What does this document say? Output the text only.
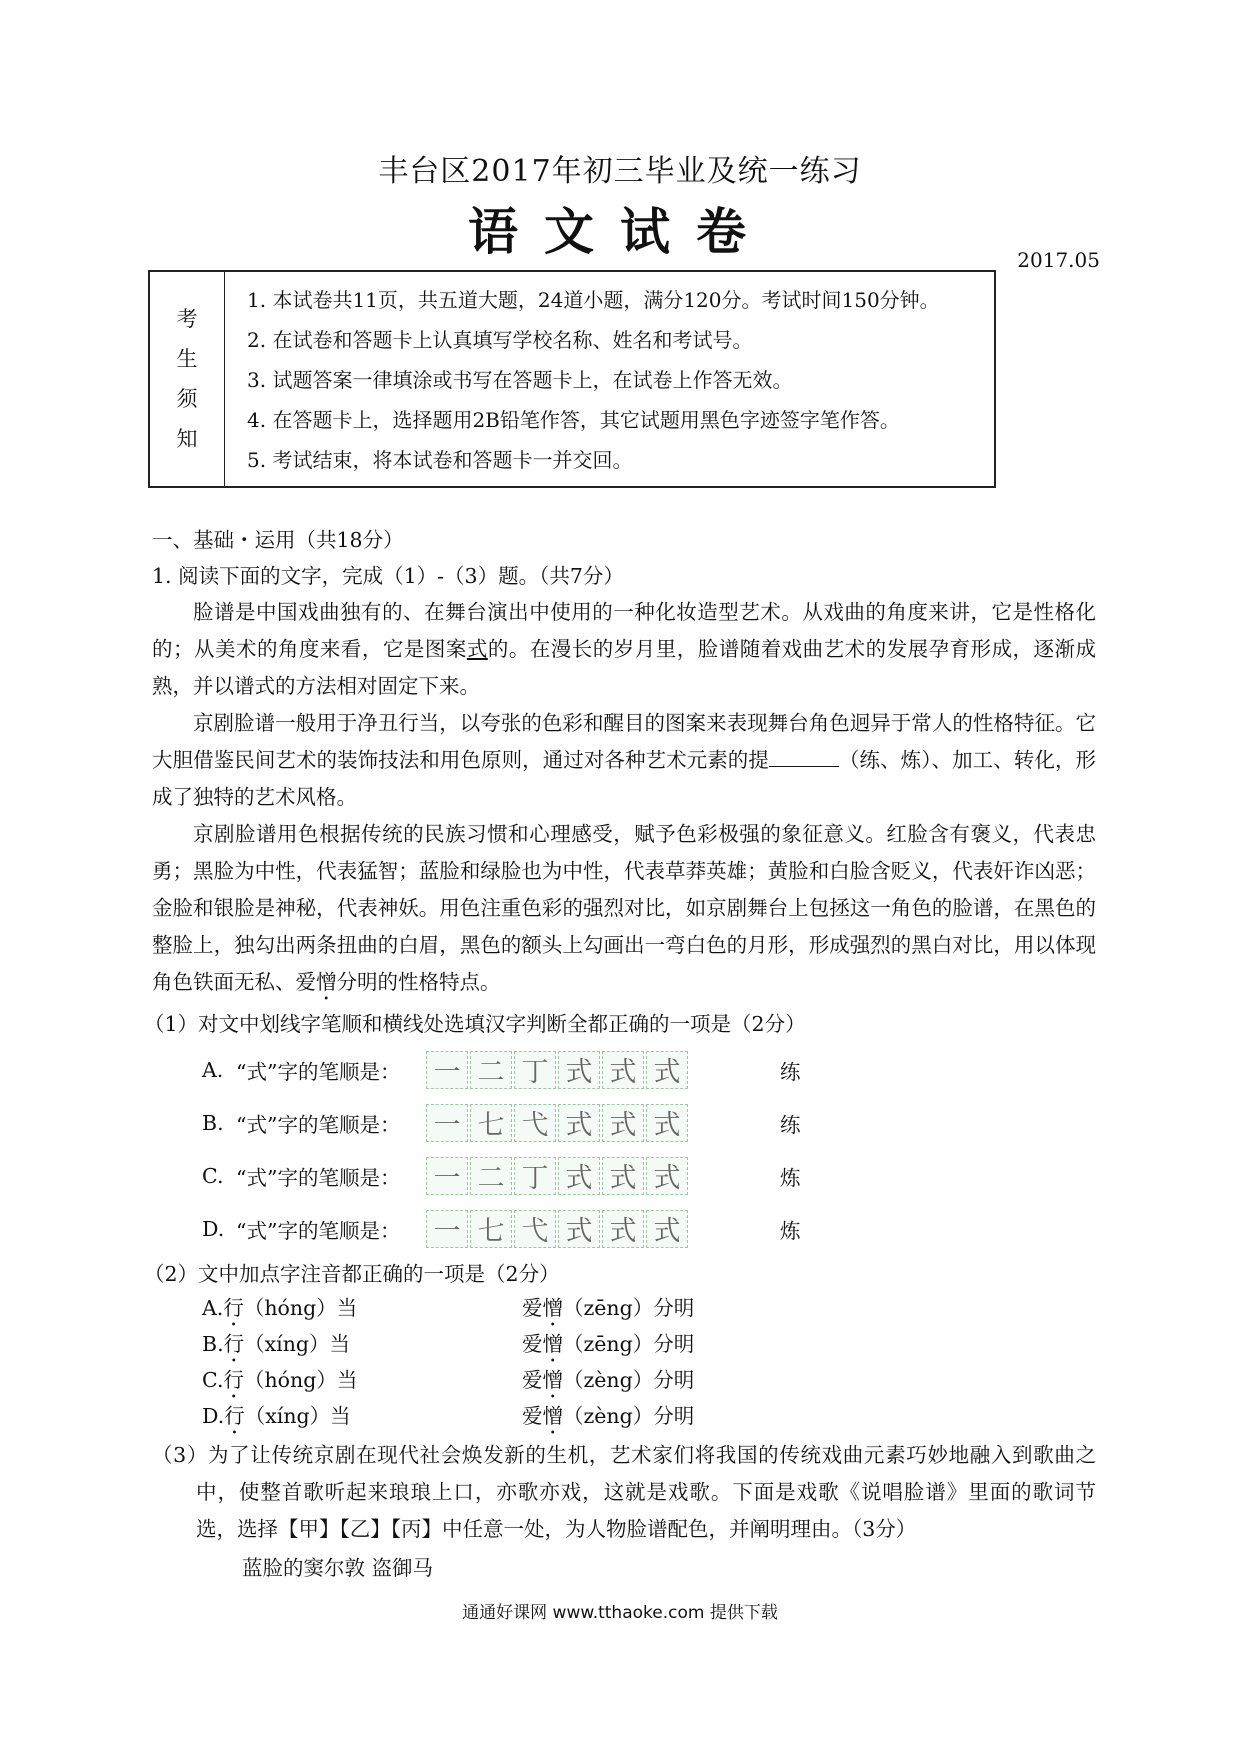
丰台区2017年初三毕业及统一练习
语文试卷	2017.05
考
生
须
知
1. 本试卷共11页，共五道大题，24道小题，满分120分。考试时间150分钟。
2. 在试卷和答题卡上认真填写学校名称、姓名和考试号。
3. 试题答案一律填涂或书写在答题卡上，在试卷上作答无效。
4. 在答题卡上，选择题用2B铅笔作答，其它试题用黑色字迹签字笔作答。
5. 考试结束，将本试卷和答题卡一并交回。
一、基础・运用（共18分）
1. 阅读下面的文字，完成（1）-（3）题。（共7分）

脸谱是中国戏曲独有的、在舞台演出中使用的一种化妆造型艺术。从戏曲的角度来讲，它是性格化的；从美术的角度来看，它是图案式的。在漫长的岁月里，脸谱随着戏曲艺术的发展孕育形成，逐渐成熟，并以谱式的方法相对固定下来。

京剧脸谱一般用于净丑行当，以夸张的色彩和醒目的图案来表现舞台角色迥异于常人的性格特征。它大胆借鉴民间艺术的装饰技法和用色原则，通过对各种艺术元素的提	（练、炼）、加工、转化，形成了独特的艺术风格。

京剧脸谱用色根据传统的民族习惯和心理感受，赋予色彩极强的象征意义。红脸含有褒义，代表忠勇；黑脸为中性，代表猛智；蓝脸和绿脸也为中性，代表草莽英雄；黄脸和白脸含贬义，代表奸诈凶恶；金脸和银脸是神秘，代表神妖。用色注重色彩的强烈对比，如京剧舞台上包拯这一角色的脸谱，在黑色的整脸上，独勾出两条扭曲的白眉，黑色的额头上勾画出一弯白色的月形，形成强烈的黑白对比，用以体现角色铁面无私、爱憎分明的性格特点。

（1）对文中划线字笔顺和横线处选填汉字判断全都正确的一项是（2分）
A. “式”字的笔顺是：	一 二 丁 式 式 式	练
B. “式”字的笔顺是：	一 七 弋 式 式 式	练
C. “式”字的笔顺是：	一 二 丁 式 式 式	炼
D. “式”字的笔顺是：	一 七 弋 式 式 式	炼
（2）文中加点字注音都正确的一项是（2分）
A.行（hóng）当	爱憎（zēng）分明
B.行（xíng）当	爱憎（zēng）分明
C.行（hóng）当	爱憎（zèng）分明
D.行（xíng）当	爱憎（zèng）分明

（3）为了让传统京剧在现代社会焕发新的生机，艺术家们将我国的传统戏曲元素巧妙地融入到歌曲之中，使整首歌听起来琅琅上口，亦歌亦戏，这就是戏歌。下面是戏歌《说唱脸谱》里面的歌词节选，选择【甲】【乙】【丙】中任意一处，为人物脸谱配色，并阐明理由。（3分）

蓝脸的窦尔敦 盗御马
通通好课网 www.tthaoke.com 提供下载
